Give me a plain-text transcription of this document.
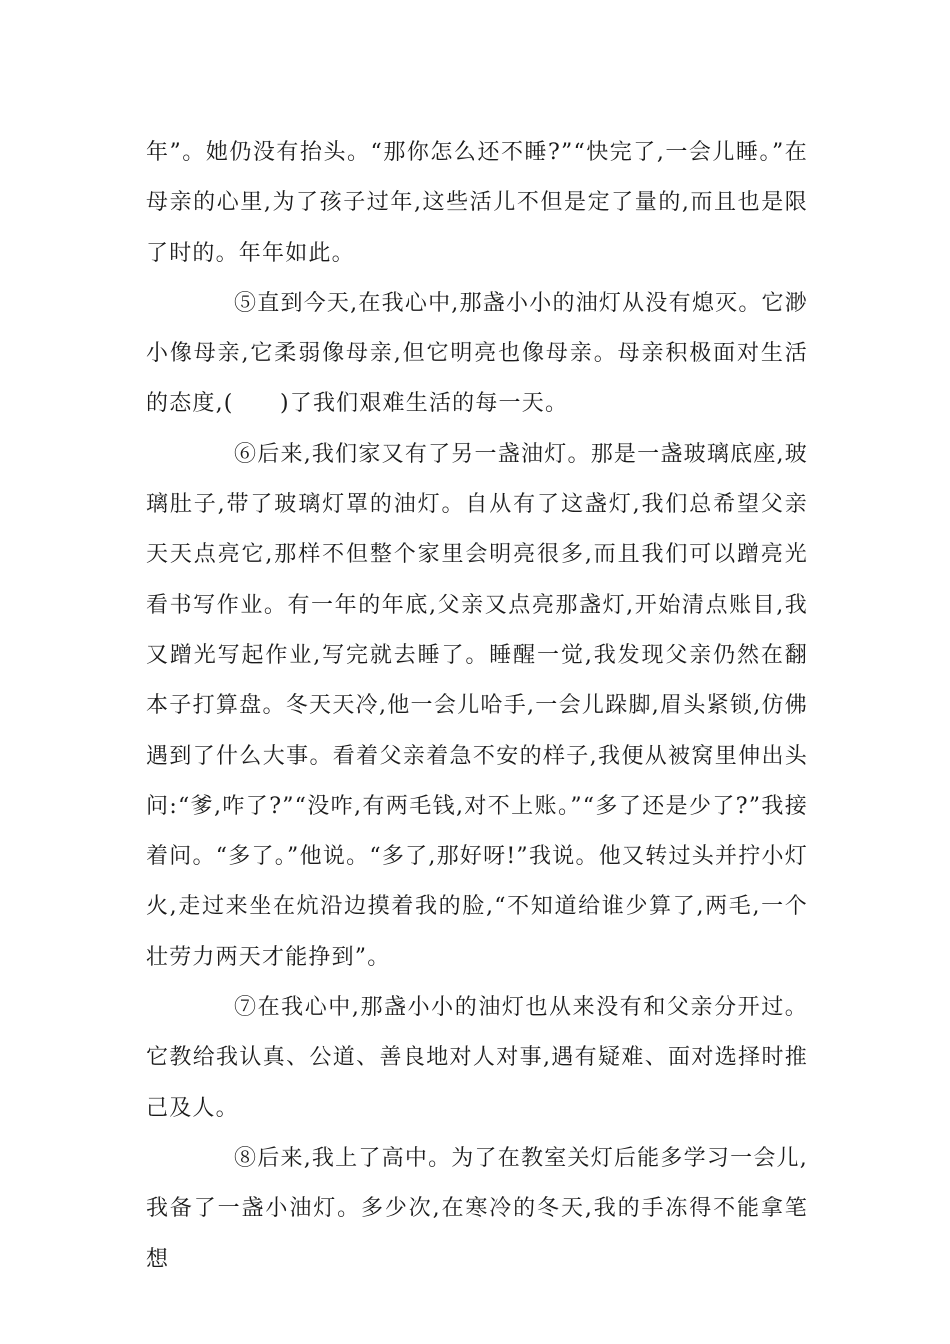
年”。她仍没有抬头。“那你怎么还不睡?”“快完了,一会儿睡。”在母亲的心里,为了孩子过年,这些活儿不但是定了量的,而且也是限了时的。年年如此。

⑤直到今天,在我心中,那盏小小的油灯从没有熄灭。它渺小像母亲,它柔弱像母亲,但它明亮也像母亲。母亲积极面对生活的态度,(　　)了我们艰难生活的每一天。

⑥后来,我们家又有了另一盏油灯。那是一盏玻璃底座,玻璃肚子,带了玻璃灯罩的油灯。自从有了这盏灯,我们总希望父亲天天点亮它,那样不但整个家里会明亮很多,而且我们可以蹭亮光看书写作业。有一年的年底,父亲又点亮那盏灯,开始清点账目,我又蹭光写起作业,写完就去睡了。睡醒一觉,我发现父亲仍然在翻本子打算盘。冬天天冷,他一会儿哈手,一会儿跺脚,眉头紧锁,仿佛遇到了什么大事。看着父亲着急不安的样子,我便从被窝里伸出头问:“爹,咋了?”“没咋,有两毛钱,对不上账。”“多了还是少了?”我接着问。“多了。”他说。“多了,那好呀!”我说。他又转过头并拧小灯火,走过来坐在炕沿边摸着我的脸,“不知道给谁少算了,两毛,一个壮劳力两天才能挣到”。

⑦在我心中,那盏小小的油灯也从来没有和父亲分开过。它教给我认真、公道、善良地对人对事,遇有疑难、面对选择时推己及人。

⑧后来,我上了高中。为了在教室关灯后能多学习一会儿,我备了一盏小油灯。多少次,在寒冷的冬天,我的手冻得不能拿笔想
